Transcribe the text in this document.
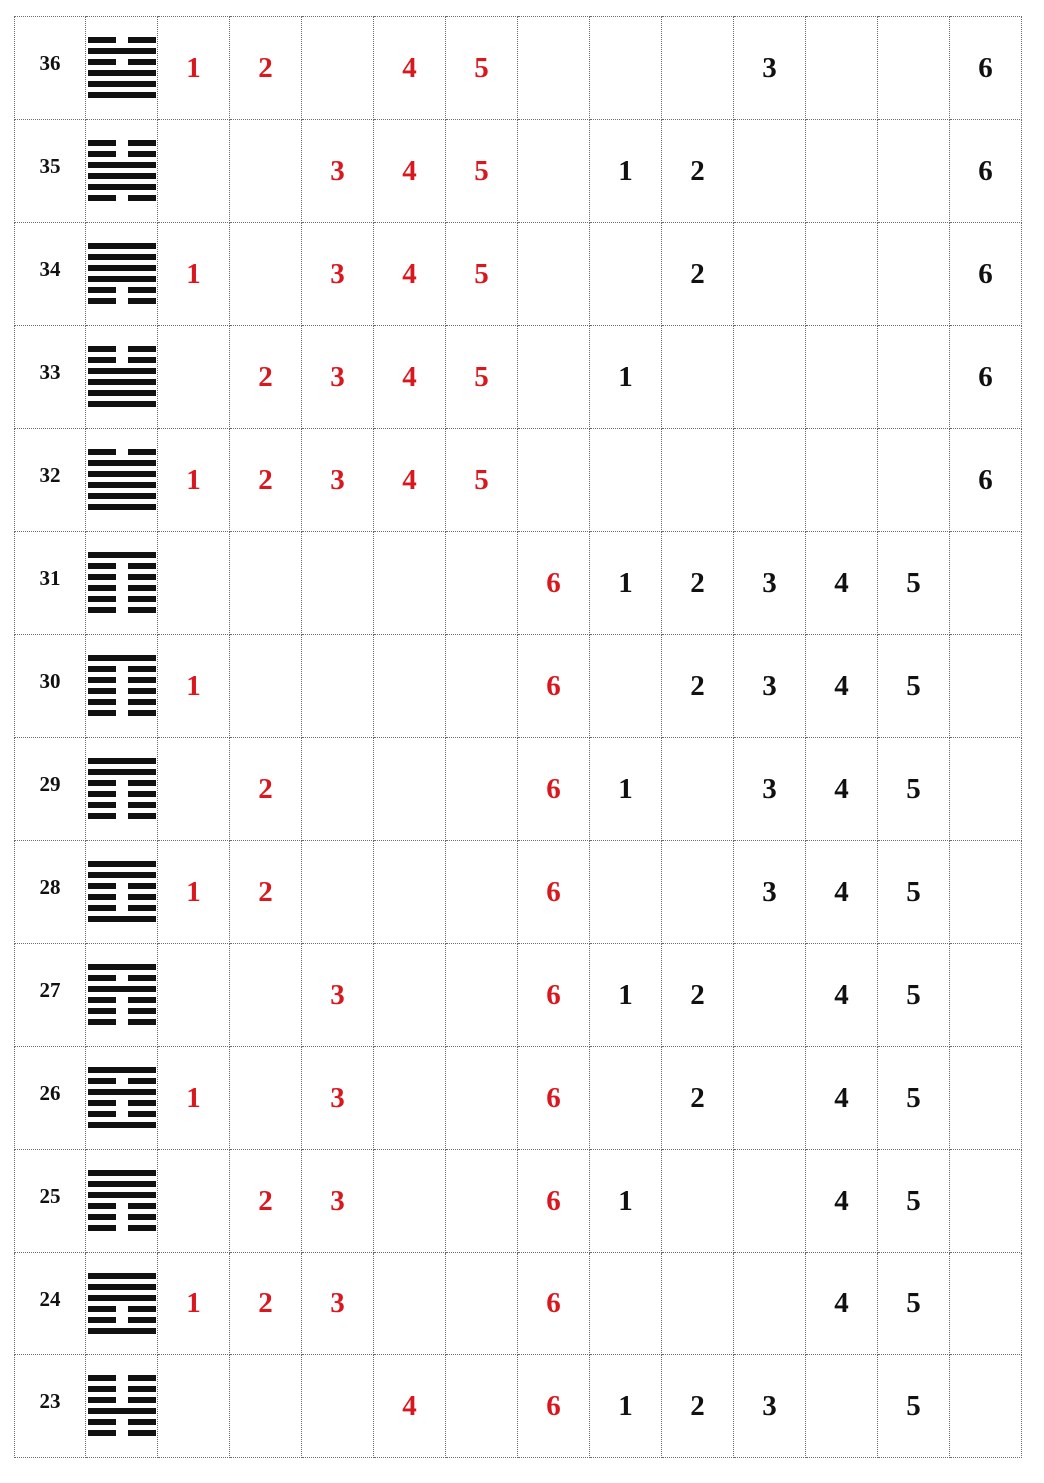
36		1	2		4	5				3			6
35				3	4	5		1	2				6
34		1		3	4	5			2				6
33			2	3	4	5		1					6
32		1	2	3	4	5							6
31							6	1	2	3	4	5	
30		1					6		2	3	4	5	
29			2				6	1		3	4	5	
28		1	2				6			3	4	5	
27				3			6	1	2		4	5	
26		1		3			6		2		4	5	
25			2	3			6	1			4	5	
24		1	2	3			6				4	5	
23					4		6	1	2	3		5	
